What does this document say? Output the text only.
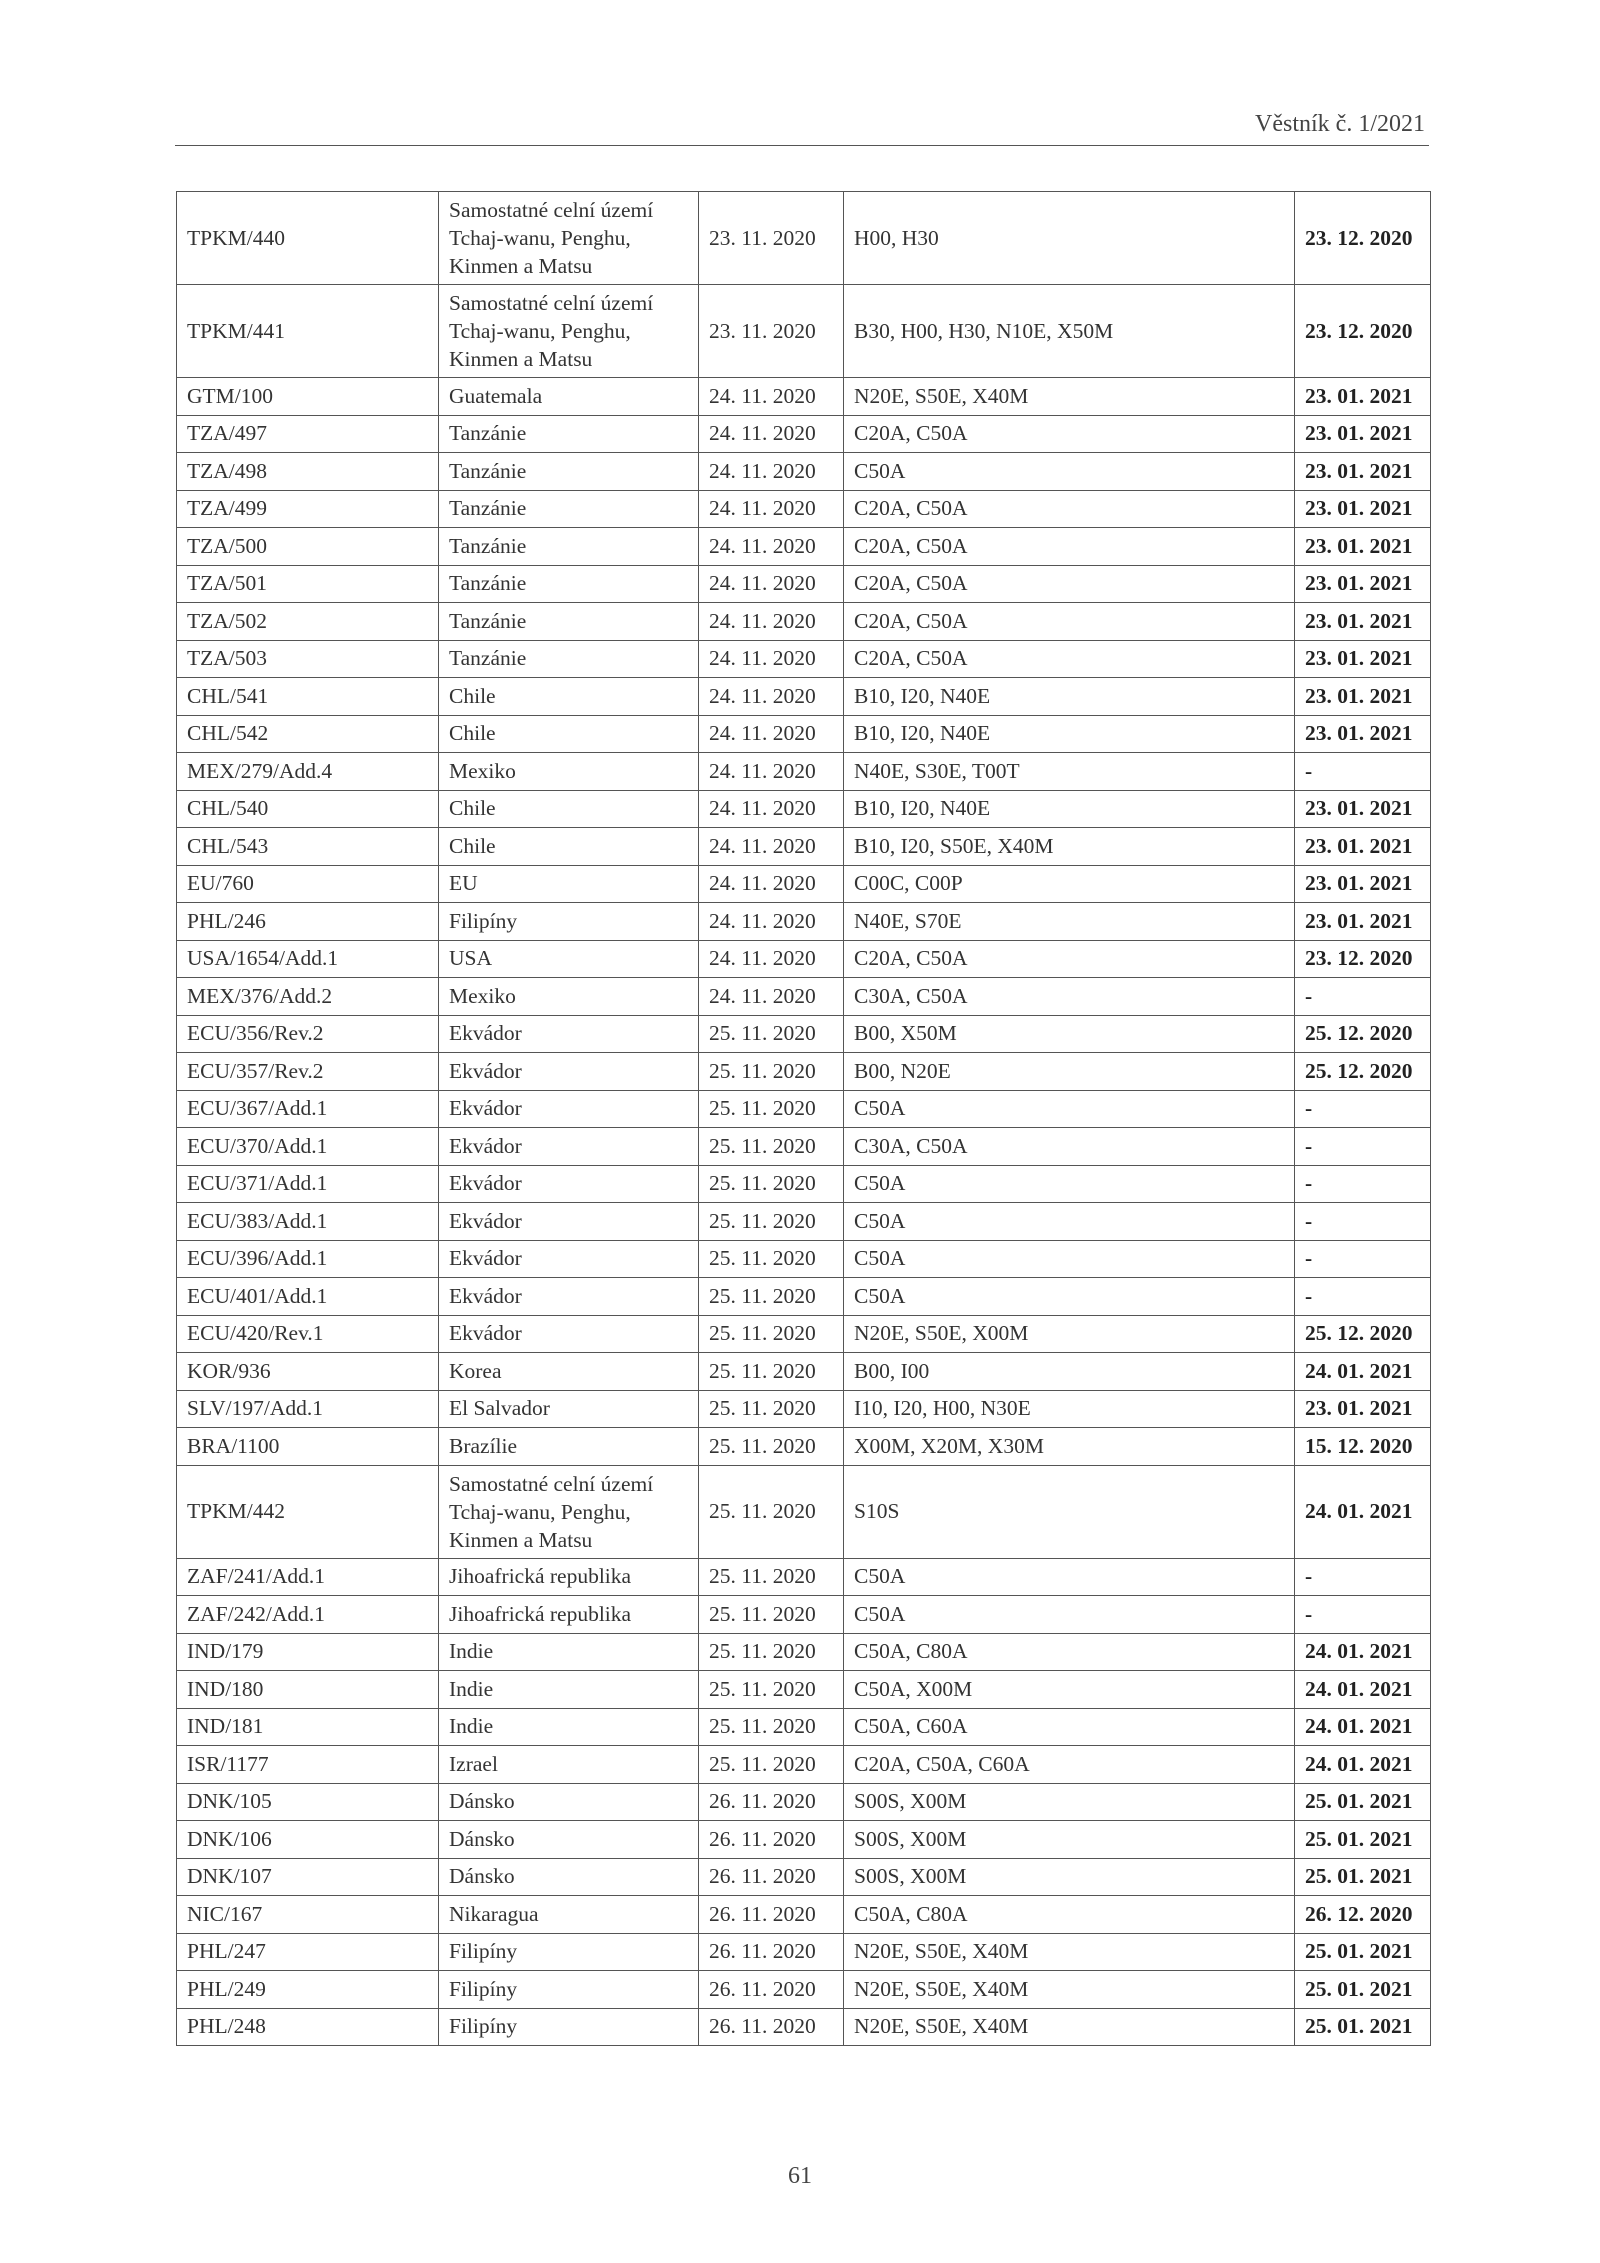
Věstník č. 1/2021
TPKM/440	Samostatné celní území Tchaj-wanu, Penghu, Kinmen a Matsu	23. 11. 2020	H00, H30	23. 12. 2020
TPKM/441	Samostatné celní území Tchaj-wanu, Penghu, Kinmen a Matsu	23. 11. 2020	B30, H00, H30, N10E, X50M	23. 12. 2020
GTM/100	Guatemala	24. 11. 2020	N20E, S50E, X40M	23. 01. 2021
TZA/497	Tanzánie	24. 11. 2020	C20A, C50A	23. 01. 2021
TZA/498	Tanzánie	24. 11. 2020	C50A	23. 01. 2021
TZA/499	Tanzánie	24. 11. 2020	C20A, C50A	23. 01. 2021
TZA/500	Tanzánie	24. 11. 2020	C20A, C50A	23. 01. 2021
TZA/501	Tanzánie	24. 11. 2020	C20A, C50A	23. 01. 2021
TZA/502	Tanzánie	24. 11. 2020	C20A, C50A	23. 01. 2021
TZA/503	Tanzánie	24. 11. 2020	C20A, C50A	23. 01. 2021
CHL/541	Chile	24. 11. 2020	B10, I20, N40E	23. 01. 2021
CHL/542	Chile	24. 11. 2020	B10, I20, N40E	23. 01. 2021
MEX/279/Add.4	Mexiko	24. 11. 2020	N40E, S30E, T00T	-
CHL/540	Chile	24. 11. 2020	B10, I20, N40E	23. 01. 2021
CHL/543	Chile	24. 11. 2020	B10, I20, S50E, X40M	23. 01. 2021
EU/760	EU	24. 11. 2020	C00C, C00P	23. 01. 2021
PHL/246	Filipíny	24. 11. 2020	N40E, S70E	23. 01. 2021
USA/1654/Add.1	USA	24. 11. 2020	C20A, C50A	23. 12. 2020
MEX/376/Add.2	Mexiko	24. 11. 2020	C30A, C50A	-
ECU/356/Rev.2	Ekvádor	25. 11. 2020	B00, X50M	25. 12. 2020
ECU/357/Rev.2	Ekvádor	25. 11. 2020	B00, N20E	25. 12. 2020
ECU/367/Add.1	Ekvádor	25. 11. 2020	C50A	-
ECU/370/Add.1	Ekvádor	25. 11. 2020	C30A, C50A	-
ECU/371/Add.1	Ekvádor	25. 11. 2020	C50A	-
ECU/383/Add.1	Ekvádor	25. 11. 2020	C50A	-
ECU/396/Add.1	Ekvádor	25. 11. 2020	C50A	-
ECU/401/Add.1	Ekvádor	25. 11. 2020	C50A	-
ECU/420/Rev.1	Ekvádor	25. 11. 2020	N20E, S50E, X00M	25. 12. 2020
KOR/936	Korea	25. 11. 2020	B00, I00	24. 01. 2021
SLV/197/Add.1	El Salvador	25. 11. 2020	I10, I20, H00, N30E	23. 01. 2021
BRA/1100	Brazílie	25. 11. 2020	X00M, X20M, X30M	15. 12. 2020
TPKM/442	Samostatné celní území Tchaj-wanu, Penghu, Kinmen a Matsu	25. 11. 2020	S10S	24. 01. 2021
ZAF/241/Add.1	Jihoafrická republika	25. 11. 2020	C50A	-
ZAF/242/Add.1	Jihoafrická republika	25. 11. 2020	C50A	-
IND/179	Indie	25. 11. 2020	C50A, C80A	24. 01. 2021
IND/180	Indie	25. 11. 2020	C50A, X00M	24. 01. 2021
IND/181	Indie	25. 11. 2020	C50A, C60A	24. 01. 2021
ISR/1177	Izrael	25. 11. 2020	C20A, C50A, C60A	24. 01. 2021
DNK/105	Dánsko	26. 11. 2020	S00S, X00M	25. 01. 2021
DNK/106	Dánsko	26. 11. 2020	S00S, X00M	25. 01. 2021
DNK/107	Dánsko	26. 11. 2020	S00S, X00M	25. 01. 2021
NIC/167	Nikaragua	26. 11. 2020	C50A, C80A	26. 12. 2020
PHL/247	Filipíny	26. 11. 2020	N20E, S50E, X40M	25. 01. 2021
PHL/249	Filipíny	26. 11. 2020	N20E, S50E, X40M	25. 01. 2021
PHL/248	Filipíny	26. 11. 2020	N20E, S50E, X40M	25. 01. 2021
61
